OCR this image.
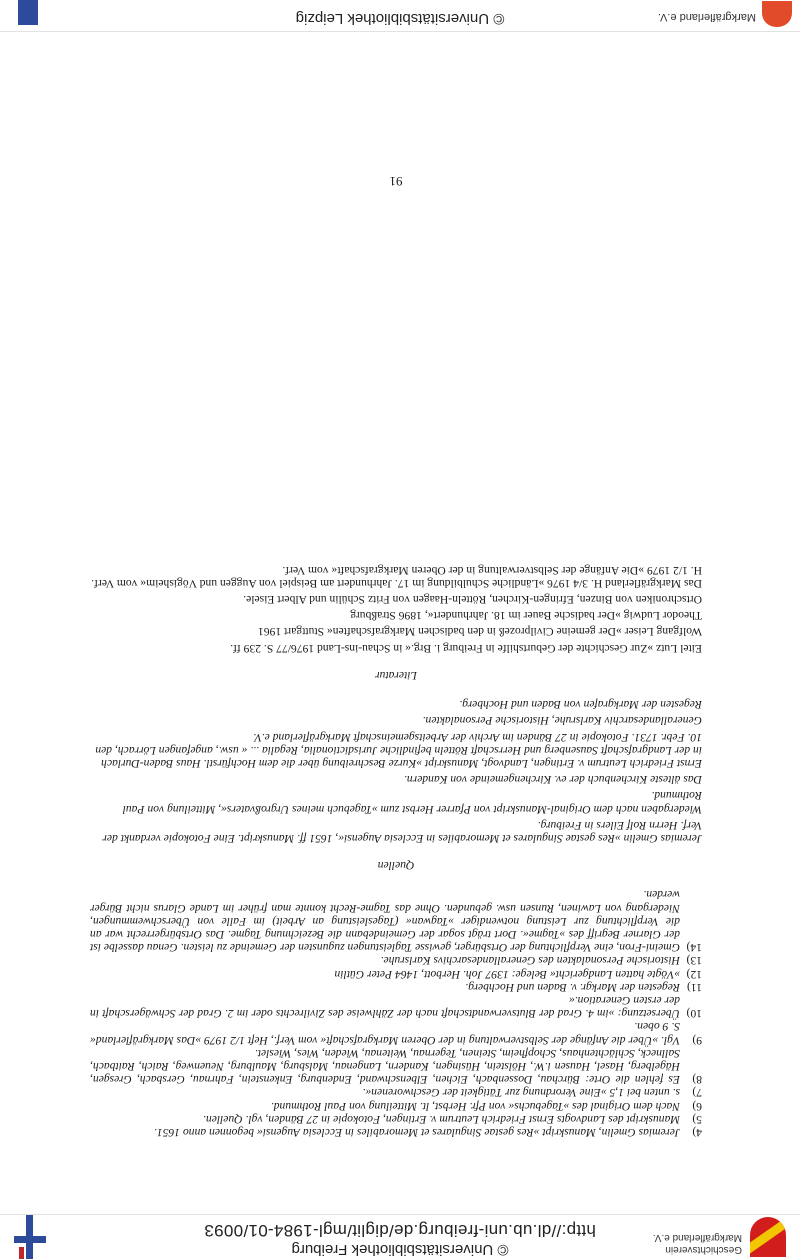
Geschichtsverein
Markgräflerland e.V.
© Universitätsbibliothek Freiburg
http://dl.ub.uni-freiburg.de/diglit/mgl-1984-01/0093

4)
Jeremias Gmelin, Manuskript »Res gestae Singulares et Memorabiles in Ecclesia Augensi« begonnen anno 1651.

5)
Manuskript des Landvogts Ernst Friedrich Leutrum v. Ertingen, Fotokopie in 27 Bänden, vgl. Quellen.

6)
Nach dem Original des »Tagebuchs« von Pfr. Herbst, lt. Mitteilung von Paul Rothmund.

7)
s. unten bei 1,5 »Eine Verordnung zur Tätigkeit der Geschworenen«.

8)
Es fehlen die Orte: Bürchau, Dossenbach, Eichen, Elbenschwand, Endenburg, Enkenstein, Fahrnau, Gersbach, Gresgen, Hägelberg, Hasel, Hausen i.W., Hölstein, Hüsingen, Kandern, Langenau, Malsburg, Maulburg, Neuenweg, Raich, Raitbach, Sallneck, Schlächtenhaus, Schopfheim, Steinen, Tegernau, Weitenau, Wieden, Wies, Wieslet.

9)
Vgl. »Über die Anfänge der Selbstverwaltung in der Oberen Markgrafschaft« vom Verf., Heft 1/2 1979 »Das Markgräflerland« S. 9 oben.

10)
Übersetzung: »im 4. Grad der Blutsverwandtschaft nach der Zählweise des Zivilrechts oder im 2. Grad der Schwägerschaft in der ersten Generation.«

11)
Regesten der Markgr. v. Baden und Hochberg.

12)
»Vögte hatten Landgericht« Belege: 1397 Joh. Herbott, 1464 Peter Gütlin

13)
Historische Personalakten des Generallandesarchivs Karlsruhe.

14)
Gmeini-Fron, eine Verpflichtung der Ortsbürger, gewisse Tagleistungen zugunsten der Gemeinde zu leisten. Genau dasselbe ist der Glarner Begriff des »Tagme«. Dort trägt sogar der Gemeindebann die Bezeichnung Tagme. Das Ortsbürgerrecht war an die Verpflichtung zur Leistung notwendiger »Tagwan« (Tagesleistung an Arbeit) im Falle von Überschwemmungen, Niedergang von Lawinen, Runsen usw. gebunden. Ohne das Tagme-Recht konnte man früher im Lande Glarus nicht Bürger werden.

Quellen

Jeremias Gmelin »Res gestae Singulares et Memorabiles in Ecclesia Augensi«, 1651 ff. Manuskript. Eine Fotokopie verdankt der Verf. Herrn Rolf Eilers in Freiburg.

Wiedergaben nach dem Original-Manuskript von Pfarrer Herbst zum »Tagebuch meines Urgroßvaters«, Mitteilung von Paul Rothmund.

Das älteste Kirchenbuch der ev. Kirchengemeinde von Kandern.

Ernst Friedrich Leutrum v. Ertingen, Landvogt, Manuskript »Kurze Beschreibung über die dem Hochfürstl. Haus Baden-Durlach in der Landgrafschaft Sausenberg und Herrschaft Rötteln befindliche Jurisdictionalia, Regalia ... « usw., angefangen Lörrach, den 10. Febr. 1731. Fotokopie in 27 Bänden im Archiv der Arbeitsgemeinschaft Markgräflerland e.V.

Generallandesarchiv Karlsruhe, Historische Personalakten.

Regesten der Markgrafen von Baden und Hochberg.

Literatur

Eitel Lutz »Zur Geschichte der Geburtshilfe in Freiburg i. Brg.« in Schau-ins-Land 1976/77 S. 239 ff.

Wolfgang Leiser »Der gemeine Civilprozeß in den badischen Markgrafschaften« Stuttgart 1961

Theodor Ludwig »Der badische Bauer im 18. Jahrhundert«, 1896 Straßburg

Ortschroniken von Binzen, Efringen-Kirchen, Rötteln-Haagen von Fritz Schülin und Albert Eisele.

Das Markgräflerland H. 3/4 1976 »Ländliche Schulbildung im 17. Jahrhundert am Beispiel von Auggen und Vögisheim« vom Verf. H. 1/2 1979 »Die Anfänge der Selbstverwaltung in der Oberen Markgrafschaft« vom Verf.

91
Markgräflerland e.V.
© Universitätsbibliothek Leipzig
